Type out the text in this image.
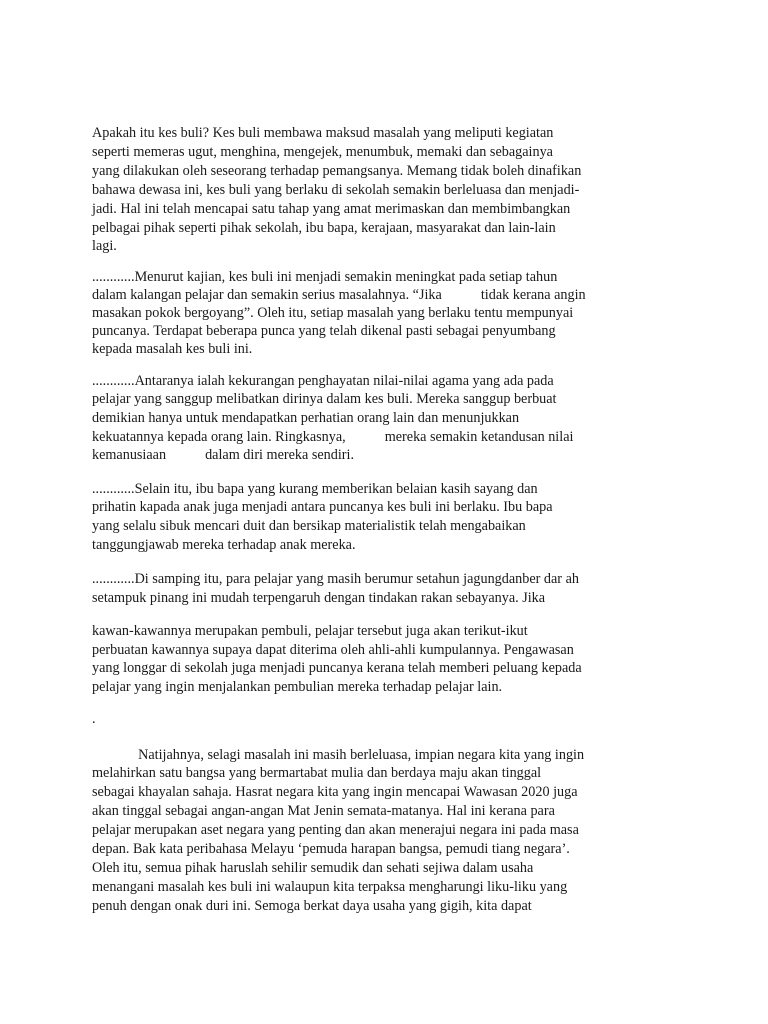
Apakah itu kes buli? Kes buli membawa maksud masalah yang meliputi kegiatan
seperti memeras ugut, menghina, mengejek, menumbuk, memaki dan sebagainya
yang dilakukan oleh seseorang terhadap pemangsanya. Memang tidak boleh dinafikan
bahawa dewasa ini, kes buli yang berlaku di sekolah semakin berleluasa dan menjadi-
jadi. Hal ini telah mencapai satu tahap yang amat merimaskan dan membimbangkan
pelbagai pihak seperti pihak sekolah, ibu bapa, kerajaan, masyarakat dan lain-lain
lagi.
............Menurut kajian, kes buli ini menjadi semakin meningkat pada setiap tahun
dalam kalangan pelajar dan semakin serius masalahnya. “Jika           tidak kerana angin
masakan pokok bergoyang”. Oleh itu, setiap masalah yang berlaku tentu mempunyai
puncanya. Terdapat beberapa punca yang telah dikenal pasti sebagai penyumbang
kepada masalah kes buli ini.
............Antaranya ialah kekurangan penghayatan nilai-nilai agama yang ada pada
pelajar yang sanggup melibatkan dirinya dalam kes buli. Mereka sanggup berbuat
demikian hanya untuk mendapatkan perhatian orang lain dan menunjukkan
kekuatannya kepada orang lain. Ringkasnya,           mereka semakin ketandusan nilai
kemanusiaan           dalam diri mereka sendiri.
............Selain itu, ibu bapa yang kurang memberikan belaian kasih sayang dan
prihatin kapada anak juga menjadi antara puncanya kes buli ini berlaku. Ibu bapa
yang selalu sibuk mencari duit dan bersikap materialistik telah mengabaikan
tanggungjawab mereka terhadap anak mereka.
............Di samping itu, para pelajar yang masih berumur setahun jagungdanber dar ah
setampuk pinang ini mudah terpengaruh dengan tindakan rakan sebayanya. Jika
kawan-kawannya merupakan pembuli, pelajar tersebut juga akan terikut-ikut
perbuatan kawannya supaya dapat diterima oleh ahli-ahli kumpulannya. Pengawasan
yang longgar di sekolah juga menjadi puncanya kerana telah memberi peluang kepada
pelajar yang ingin menjalankan pembulian mereka terhadap pelajar lain.
.
Natijahnya, selagi masalah ini masih berleluasa, impian negara kita yang ingin
melahirkan satu bangsa yang bermartabat mulia dan berdaya maju akan tinggal
sebagai khayalan sahaja. Hasrat negara kita yang ingin mencapai Wawasan 2020 juga
akan tinggal sebagai angan-angan Mat Jenin semata-matanya. Hal ini kerana para
pelajar merupakan aset negara yang penting dan akan menerajui negara ini pada masa
depan. Bak kata peribahasa Melayu ‘pemuda harapan bangsa, pemudi tiang negara’.
Oleh itu, semua pihak haruslah sehilir semudik dan sehati sejiwa dalam usaha
menangani masalah kes buli ini walaupun kita terpaksa mengharungi liku-liku yang
penuh dengan onak duri ini. Semoga berkat daya usaha yang gigih, kita dapat
